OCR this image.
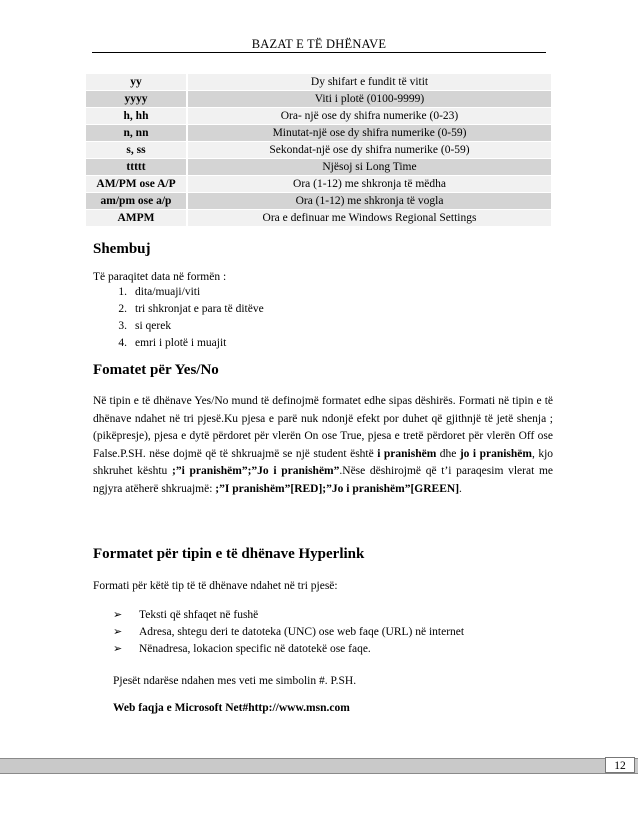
BAZAT E TË DHËNAVE
yy	Dy shifart e fundit të vitit
yyyy	Viti i plotë (0100-9999)
h, hh	Ora- një ose dy shifra numerike (0-23)
n, nn	Minutat-një ose dy shifra numerike (0-59)
s, ss	Sekondat-një ose dy shifra numerike (0-59)
ttttt	Njësoj si Long Time
AM/PM ose A/P	Ora (1-12) me shkronja të mëdha
am/pm ose a/p	Ora (1-12) me shkronja të vogla
AMPM	Ora e definuar me Windows Regional Settings
Shembuj

Të paraqitet data në formën :

1. dita/muaji/viti
2. tri shkronjat e para të ditëve
3. si qerek
4. emri i plotë i muajit
Fomatet për Yes/No

Në tipin e të dhënave Yes/No mund të definojmë formatet edhe sipas dëshirës. Formati në tipin e të dhënave ndahet në tri pjesë.Ku pjesa e parë nuk ndonjë efekt por duhet që gjithnjë të jetë shenja ; (pikëpresje), pjesa e dytë përdoret për vlerën On ose True, pjesa e tretë përdoret për vlerën Off ose False.P.SH. nëse dojmë që të shkruajmë se një student është i pranishëm dhe jo i pranishëm, kjo shkruhet kështu ;”i pranishëm”;”Jo i pranishëm”.Nëse dëshirojmë që t’i paraqesim vlerat me ngjyra atëherë shkruajmë: ;”I pranishëm”[RED];”Jo i pranishëm”[GREEN].

Formatet për tipin e të dhënave Hyperlink

Formati për këtë tip të të dhënave ndahet në tri pjesë:

➢ Teksti që shfaqet në fushë
➢ Adresa, shtegu deri te datoteka (UNC) ose web faqe (URL) në internet
➢ Nënadresa, lokacion specific në datotekë ose faqe.

Pjesët ndarëse ndahen mes veti me simbolin #. P.SH.

Web faqja e Microsoft Net#http://www.msn.com

12
